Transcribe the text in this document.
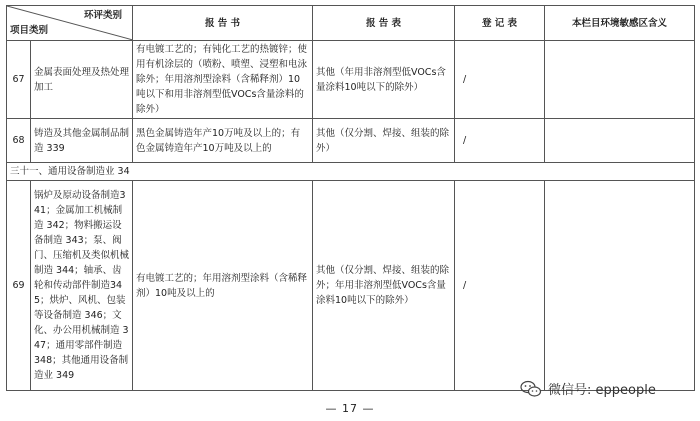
环评类别
项目类别		报 告 书	报 告 表	登 记 表	本栏目环境敏感区含义
67	金属表面处理及热处理加工	有电镀工艺的；有钝化工艺的热镀锌；使用有机涂层的（喷粉、喷塑、浸塑和电泳除外；年用溶剂型涂料（含稀释剂）10吨以下和用非溶剂型低VOCs含量涂料的除外）	其他（年用非溶剂型低VOCs含量涂料10吨以下的除外）	/	
68	铸造及其他金属制品制造 339	黑色金属铸造年产10万吨及以上的；有色金属铸造年产10万吨及以上的	其他（仅分割、焊接、组装的除外）	/	
三十一、通用设备制造业 34					
69	锅炉及原动设备制造341；金属加工机械制造 342；物料搬运设备制造 343；泵、阀门、压缩机及类似机械制造 344；轴承、齿轮和传动部件制造345；烘炉、风机、包装等设备制造 346；文化、办公用机械制造 347；通用零部件制造 348；其他通用设备制造业 349	有电镀工艺的；年用溶剂型涂料（含稀释剂）10吨及以上的	其他（仅分割、焊接、组装的除外；年用非溶剂型低VOCs含量涂料10吨以下的除外）	/	
微信号: eppeople
— 17 —
